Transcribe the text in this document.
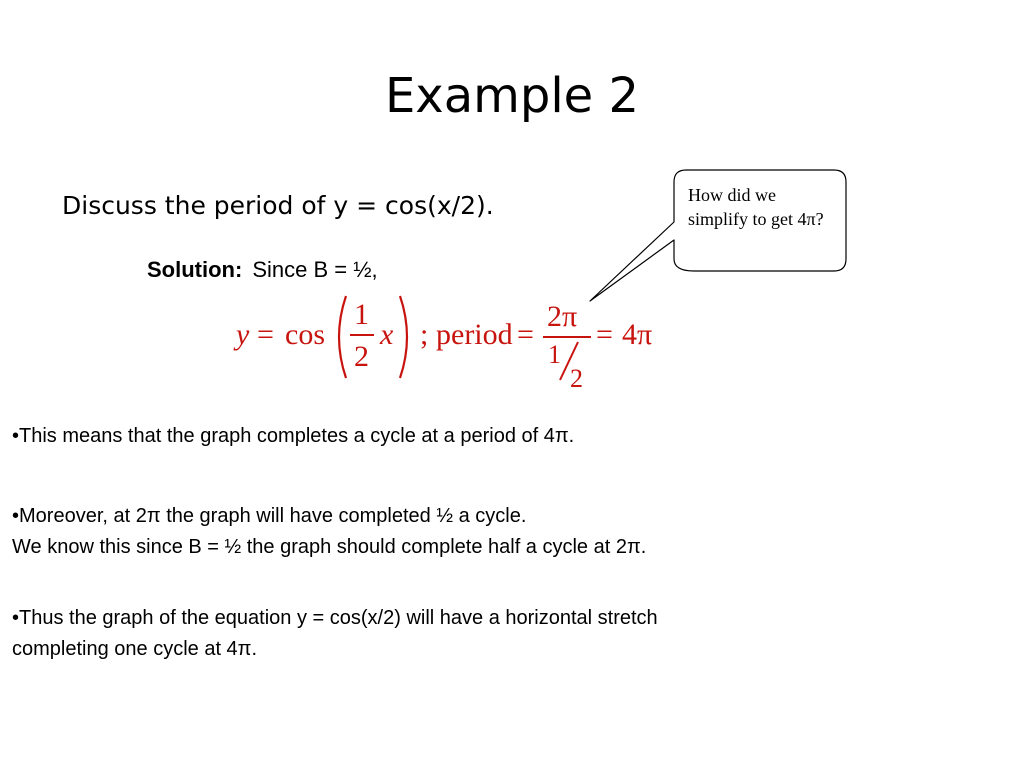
Example 2
Discuss the period of y = cos(x/2).
Solution: Since B = ½,
How did we simplify to get 4π?
y = cos
1
2
x ; period =
2π
1
2
= 4π
•This means that the graph completes a cycle at a period of 4π.
•Moreover, at 2π the graph will have completed ½ a cycle.
We know this since B = ½ the graph should complete half a cycle at 2π.
•Thus the graph of the equation y = cos(x/2) will have a horizontal stretch
completing one cycle at 4π.
